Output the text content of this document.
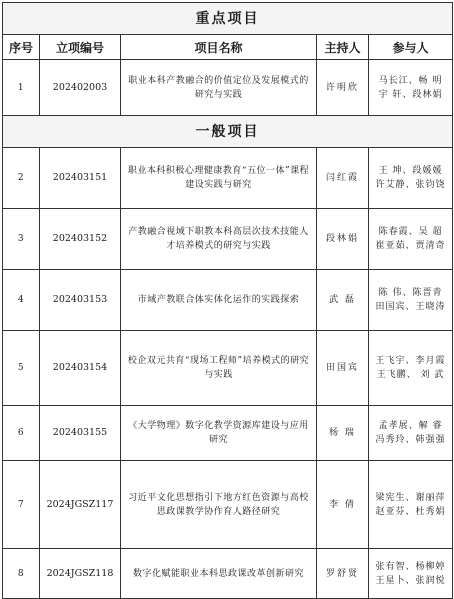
重点项目				
序号	立项编号	项目名称	主持人	参与人
1	202402003	职业本科产教融合的价值定位及发展模式的研究与实践	许明欣	马长江、畅 明 宇 轩、段林娟
一般项目				
2	202403151	职业本科积极心理健康教育“五位一体”课程建设实践与研究	闫红霞	王 坤、段媛媛 许艾静、张钧饶
3	202403152	产教融合视域下职教本科高层次技术技能人才培养模式的研究与实践	段林娟	陈春霞、吴 超 崔亚茹、贾清奇
4	202403153	市域产教联合体实体化运作的实践探索	武 磊	陈 伟、陈晋青 田国宾、王晓涛
5	202403154	校企双元共育“现场工程师”培养模式的研究与实践	田国宾	王飞宇、李月霞 王飞鹏、 刘 武
6	202403155	《大学物理》数字化教学资源库建设与应用研究	杨 瑞	孟孝展、解 睿 冯秀玲、韩强强
7	2024JGSZ117	习近平文化思想指引下地方红色资源与高校思政课教学协作育人路径研究	李 倩	梁宪生、谢丽萍 赵亚芬、杜秀娟
8	2024JGSZ118	数字化赋能职业本科思政课改革创新研究	罗舒贤	张有智、杨柳婷 王星卜、张润悦
